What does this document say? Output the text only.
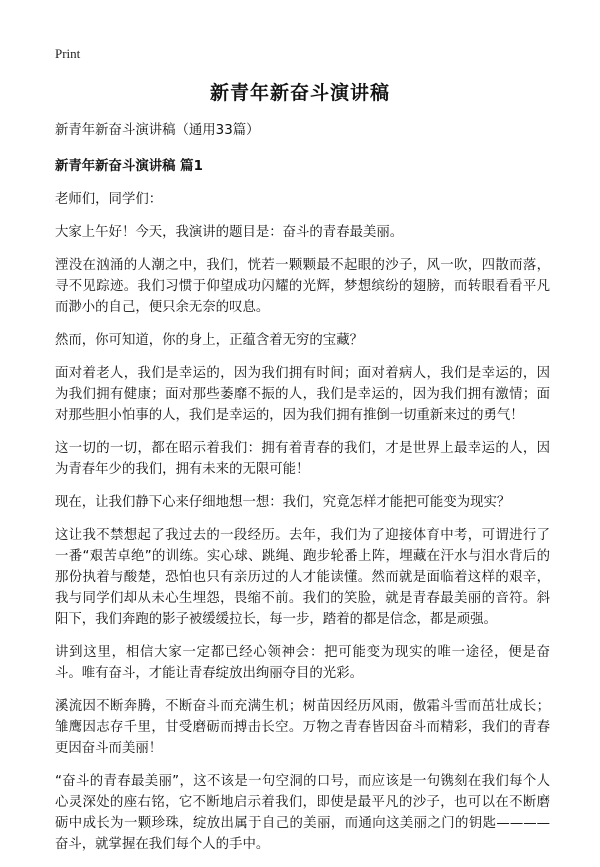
Print
新青年新奋斗演讲稿

新青年新奋斗演讲稿（通用33篇）

新青年新奋斗演讲稿 篇1

老师们，同学们：

大家上午好！今天，我演讲的题目是：奋斗的青春最美丽。

湮没在汹涌的人潮之中，我们，恍若一颗颗最不起眼的沙子，风一吹，四散而落，寻不见踪迹。我们习惯于仰望成功闪耀的光辉，梦想缤纷的翅膀，而转眼看看平凡而渺小的自己，便只余无奈的叹息。

然而，你可知道，你的身上，正蕴含着无穷的宝藏？

面对着老人，我们是幸运的，因为我们拥有时间；面对着病人，我们是幸运的，因为我们拥有健康；面对那些萎靡不振的人，我们是幸运的，因为我们拥有激情；面对那些胆小怕事的人，我们是幸运的，因为我们拥有推倒一切重新来过的勇气！

这一切的一切，都在昭示着我们：拥有着青春的我们，才是世界上最幸运的人，因为青春年少的我们，拥有未来的无限可能！

现在，让我们静下心来仔细地想一想：我们，究竟怎样才能把可能变为现实？

这让我不禁想起了我过去的一段经历。去年，我们为了迎接体育中考，可谓进行了一番“艰苦卓绝”的训练。实心球、跳绳、跑步轮番上阵，埋藏在汗水与泪水背后的那份执着与酸楚，恐怕也只有亲历过的人才能读懂。然而就是面临着这样的艰辛，我与同学们却从未心生埋怨，畏缩不前。我们的笑脸，就是青春最美丽的音符。斜阳下，我们奔跑的影子被缓缓拉长，每一步，踏着的都是信念，都是顽强。

讲到这里，相信大家一定都已经心领神会：把可能变为现实的唯一途径，便是奋斗。唯有奋斗，才能让青春绽放出绚丽夺目的光彩。

溪流因不断奔腾，不断奋斗而充满生机；树苗因经历风雨，傲霜斗雪而茁壮成长；雏鹰因志存千里，甘受磨砺而搏击长空。万物之青春皆因奋斗而精彩，我们的青春更因奋斗而美丽！

“奋斗的青春最美丽”，这不该是一句空洞的口号，而应该是一句镌刻在我们每个人心灵深处的座右铭，它不断地启示着我们，即使是最平凡的沙子，也可以在不断磨砺中成长为一颗珍珠，绽放出属于自己的美丽，而通向这美丽之门的钥匙————奋斗，就掌握在我们每个人的手中。
